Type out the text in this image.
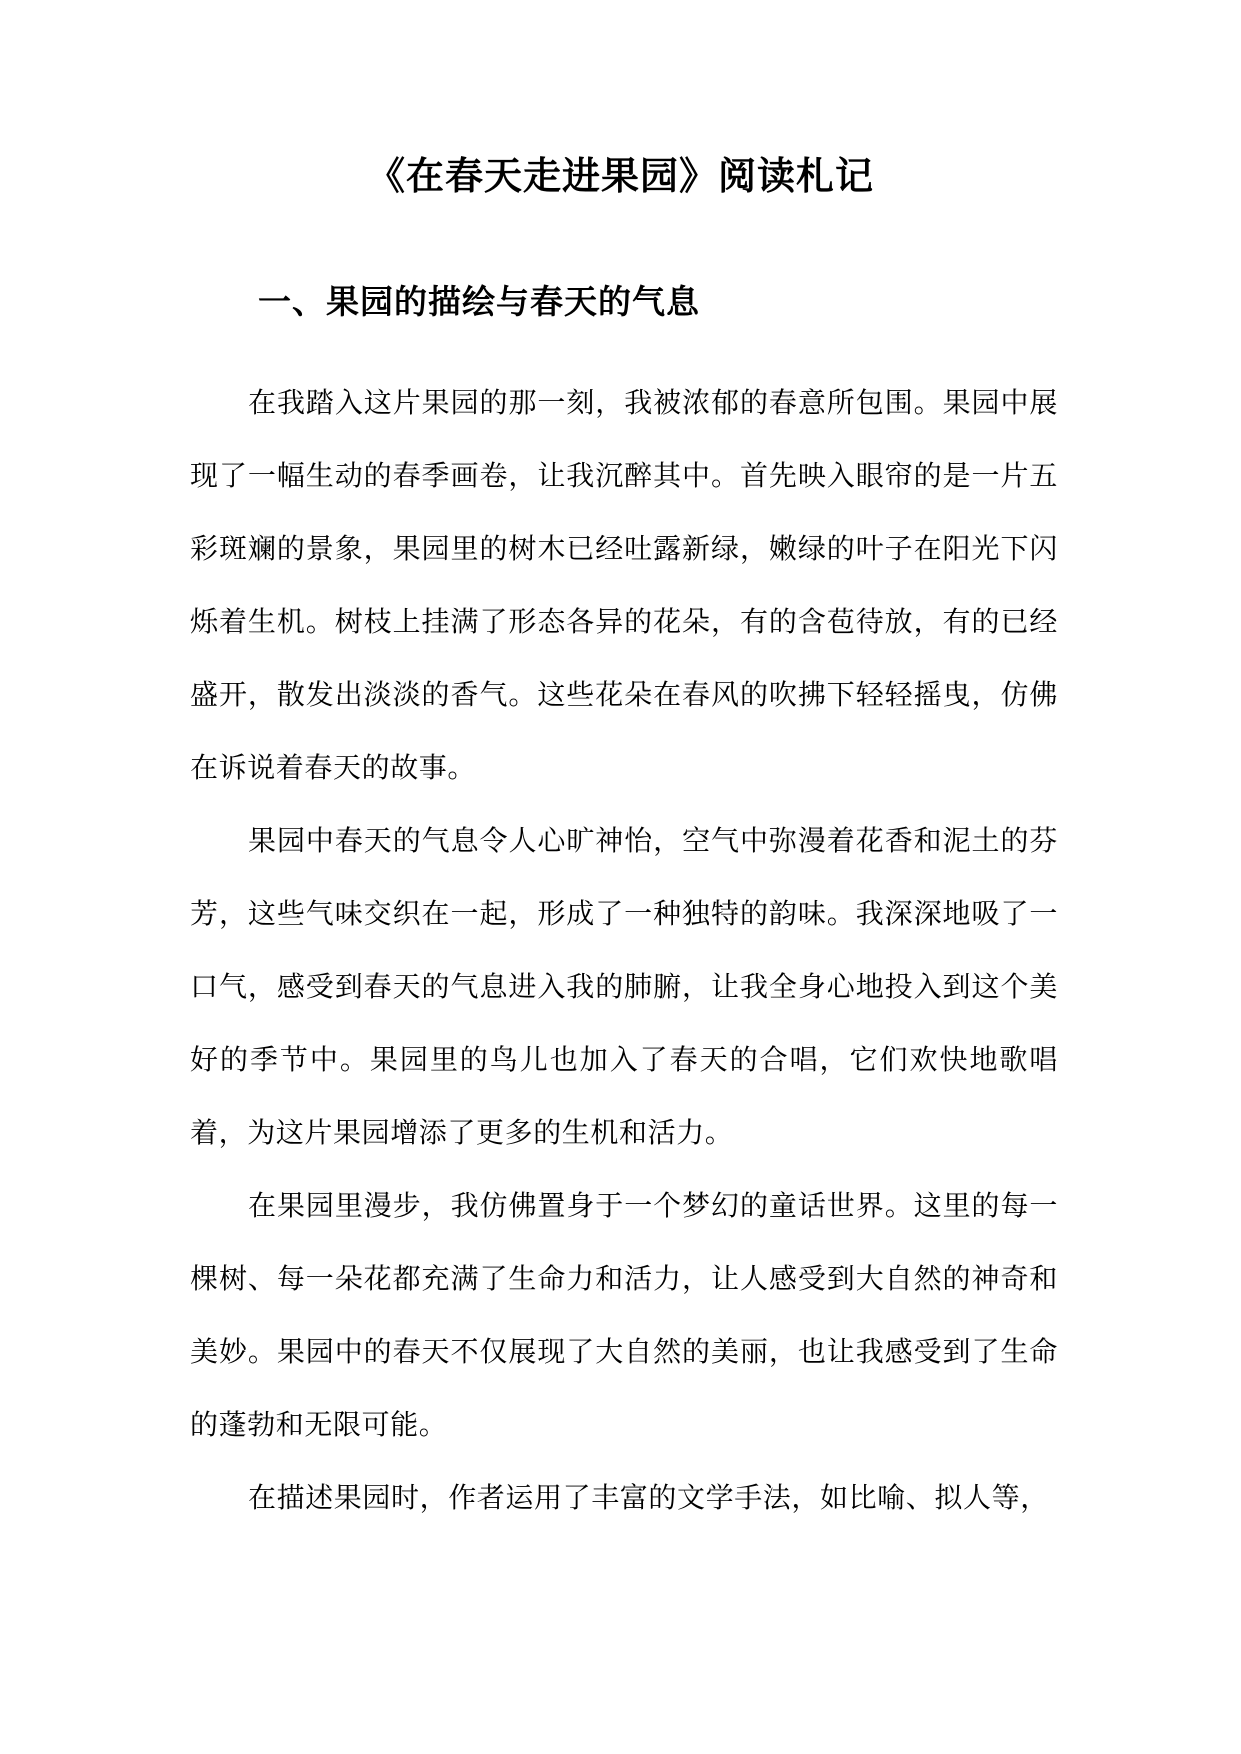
《在春天走进果园》阅读札记
一、果园的描绘与春天的气息

在我踏入这片果园的那一刻，我被浓郁的春意所包围。果园中展现了一幅生动的春季画卷，让我沉醉其中。首先映入眼帘的是一片五彩斑斓的景象，果园里的树木已经吐露新绿，嫩绿的叶子在阳光下闪烁着生机。树枝上挂满了形态各异的花朵，有的含苞待放，有的已经盛开，散发出淡淡的香气。这些花朵在春风的吹拂下轻轻摇曳，仿佛在诉说着春天的故事。

果园中春天的气息令人心旷神怡，空气中弥漫着花香和泥土的芬芳，这些气味交织在一起，形成了一种独特的韵味。我深深地吸了一口气，感受到春天的气息进入我的肺腑，让我全身心地投入到这个美好的季节中。果园里的鸟儿也加入了春天的合唱，它们欢快地歌唱着，为这片果园增添了更多的生机和活力。

在果园里漫步，我仿佛置身于一个梦幻的童话世界。这里的每一棵树、每一朵花都充满了生命力和活力，让人感受到大自然的神奇和美妙。果园中的春天不仅展现了大自然的美丽，也让我感受到了生命的蓬勃和无限可能。

在描述果园时，作者运用了丰富的文学手法，如比喻、拟人等，
